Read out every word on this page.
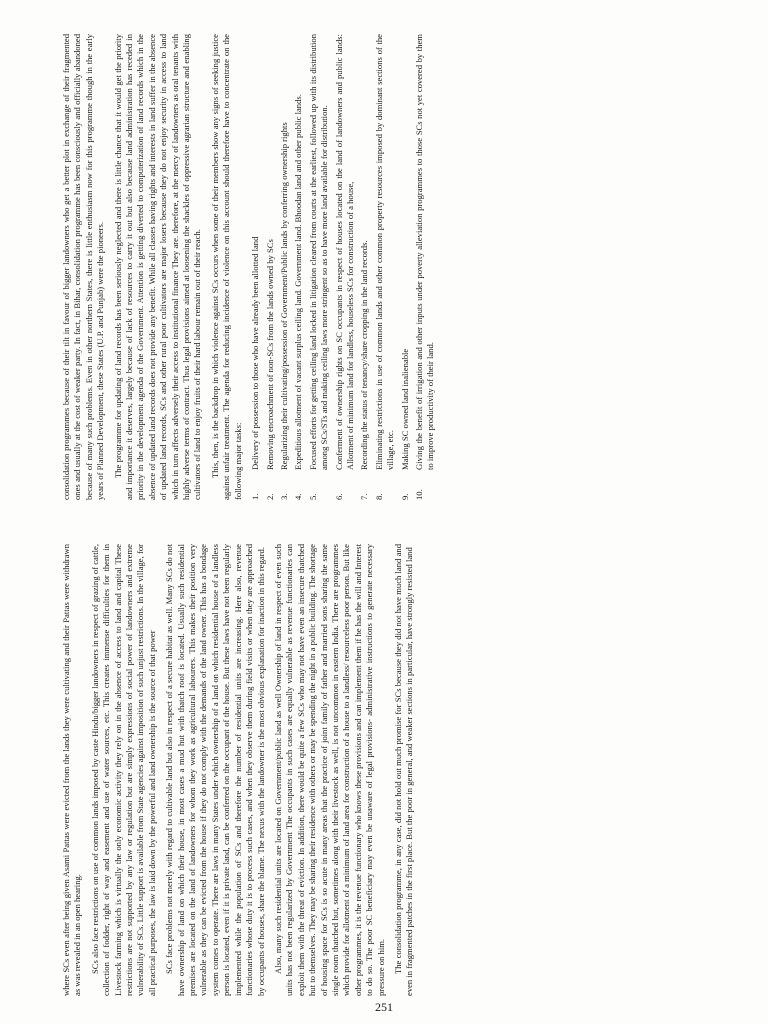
where SCs even after being given Asami Pattas were evicted from the lands they were cultivating and their Pattas were withdrawn as was revealed in an open hearing. SCs also face restrictions on use of common lands imposed by caste Hindu/bigger landowners in respect of grazing of cattle, collection of fodder, right of way and easement and use of water sources, etc. This creates immense difficulties for them in Livestock farming which is virtually the only economic activity they rely on in the absence of access to land and capital These restrictions are not supported by any law or regulation but are simply expressions of social power of landowners and extreme vulnerability of SCs. Little support is available from State agencies against imposition of such unjust restrictions. In the village, for all practical purposes, the law is laid down by the powerful and land ownership is the source of that power SCs face problems not merely with regard to cultivable land but also in respect of a secure habitat as well. Many SCs do not have ownership of land on which their house, in most cases a mud hut with thatch roof is located. Usually such residential premises are located on the land of landowners for whom they work as agricultural labourers. This makes their position very vulnerable as they can be evicted from the house if they do not comply with the demands of the land owner. This has a bondage system comes to operate. There are laws in many States under which ownership of a land on which residential house of a landless person is located, even if it is private land, can be conferred on the occupant of the house. But these laws have not been regularly implemented while the population of SCs and therefore the number of residential units are increasing. Here also, revenue functionaries whose duty it is to process such cases, and when they observe them during field visits or when they are approached by occupants of houses, share the blame. The nexus with the landowner is the most obvious explanation for inaction in this regard. Also, many such residential units are located on Government/public land as well Ownership of land in respect of even such units has not been regularized by Government The occupants in such cases are equally vulnerable as revenue functionaries can exploit them with the threat of eviction. In addition, there would be quite a few SCs who may not have even an insecure thatched hut to themselves. They may be sharing their residence with others or may be spending the night in a public building. The shortage of housing space for SCs is so acute in many areas that the practice of joint family of father and married sons sharing the same single room thatched hut, sometimes along with their livestock as well, is not uncommon in eastern India. There are programmes which provide for allotment of a minimum of land area for construction of a house to a landless/ resourceless poor person. But like other programmes, it is the revenue functionary who knows these provisions and can implement them if he has the will and Interest to do so. The poor SC beneficiary may even be unaware of legal provisions- administrative instructions to generate necessary pressure on him. The consolidation programme, in any case, did not hold out much promise for SCs because they did not have much land and even in fragmented patches in the first place. But the poor in general, and weaker sections in particular, have strongly resisted land

consolidation programmes because of their tilt in favour of bigger landowners who get a better plot in exchange of their fragmented ones and usually at the cost of weaker party. In fact, in Bihar, consolidation programme has been consciously and officially abandoned because of many such problems. Even in other northern States, there is little enthusiasm now for this programme though in the early years of Planned Development, these States (U.P. and Punjab) were the pioneers. The programme for updating of land records has been seriously neglected and there is little chance that it would get the priority and importance it deserves, largely because of lack of resources to carry it out but also because land administration has receded in priority in the development agenda of the Government. Attention is getting diverted to computerization of land records which in the absence of updated land records does not provide any benefit. While all classes having rights and interests in land suffer in the absence of updated land records, SCs and other rural poor cultivators are major losers because they do not enjoy security in access to land which in turn affects adversely their access to institutional finance They are. therefore, at the mercy of landowners as oral tenants with highly adverse terms of contract. Thus legal provisions aimed at loosening the shackles of oppressive agrarian structure and enabling cultivators of land to enjoy fruits of their hard labour remain out of their reach. This, then, is the backdrop in which violence against SCs occurs when some of their members show any signs of seeking justice against unfair treatment. The agenda for reducing incidence of violence on this account should therefore have to concentrate on the following major tasks: 1.
Delivery of possession to those who have already been allotted land
2.
Removing encroachment of non-SCs from the lands owned by SCs
3.
Regularizing their cultivating/possession of Government/Public lands by conferring ownership rights
4.
Expeditious allotment of vacant surplus ceiling land. Government land. Bhoodan land and other public lands.
5.
Focused efforts for getting ceiling land locked in litigation cleared from courts at the earliest, followed up with its distribution among SCs/STs and making ceiling laws more stringent so as to have more land available for distribution.
6.
Conferment of ownership rights on SC occupants in respect of houses located on the land of landowners and public lands: Allotment of minimum land for landless, houseless SCs for construction of a house,
7.
Recording the status of tenancy/share cropping in the land records.
8.
Eliminating restrictions in use of common lands and other common property resources imposed by dominant sections of the village, etc.
9.
Making SC owned land inalienable
10.
Giving the benefit of irrigation and other inputs under poverty alleviation programmes to those SCs not yet covered by them to improve productivity of their land.
251
